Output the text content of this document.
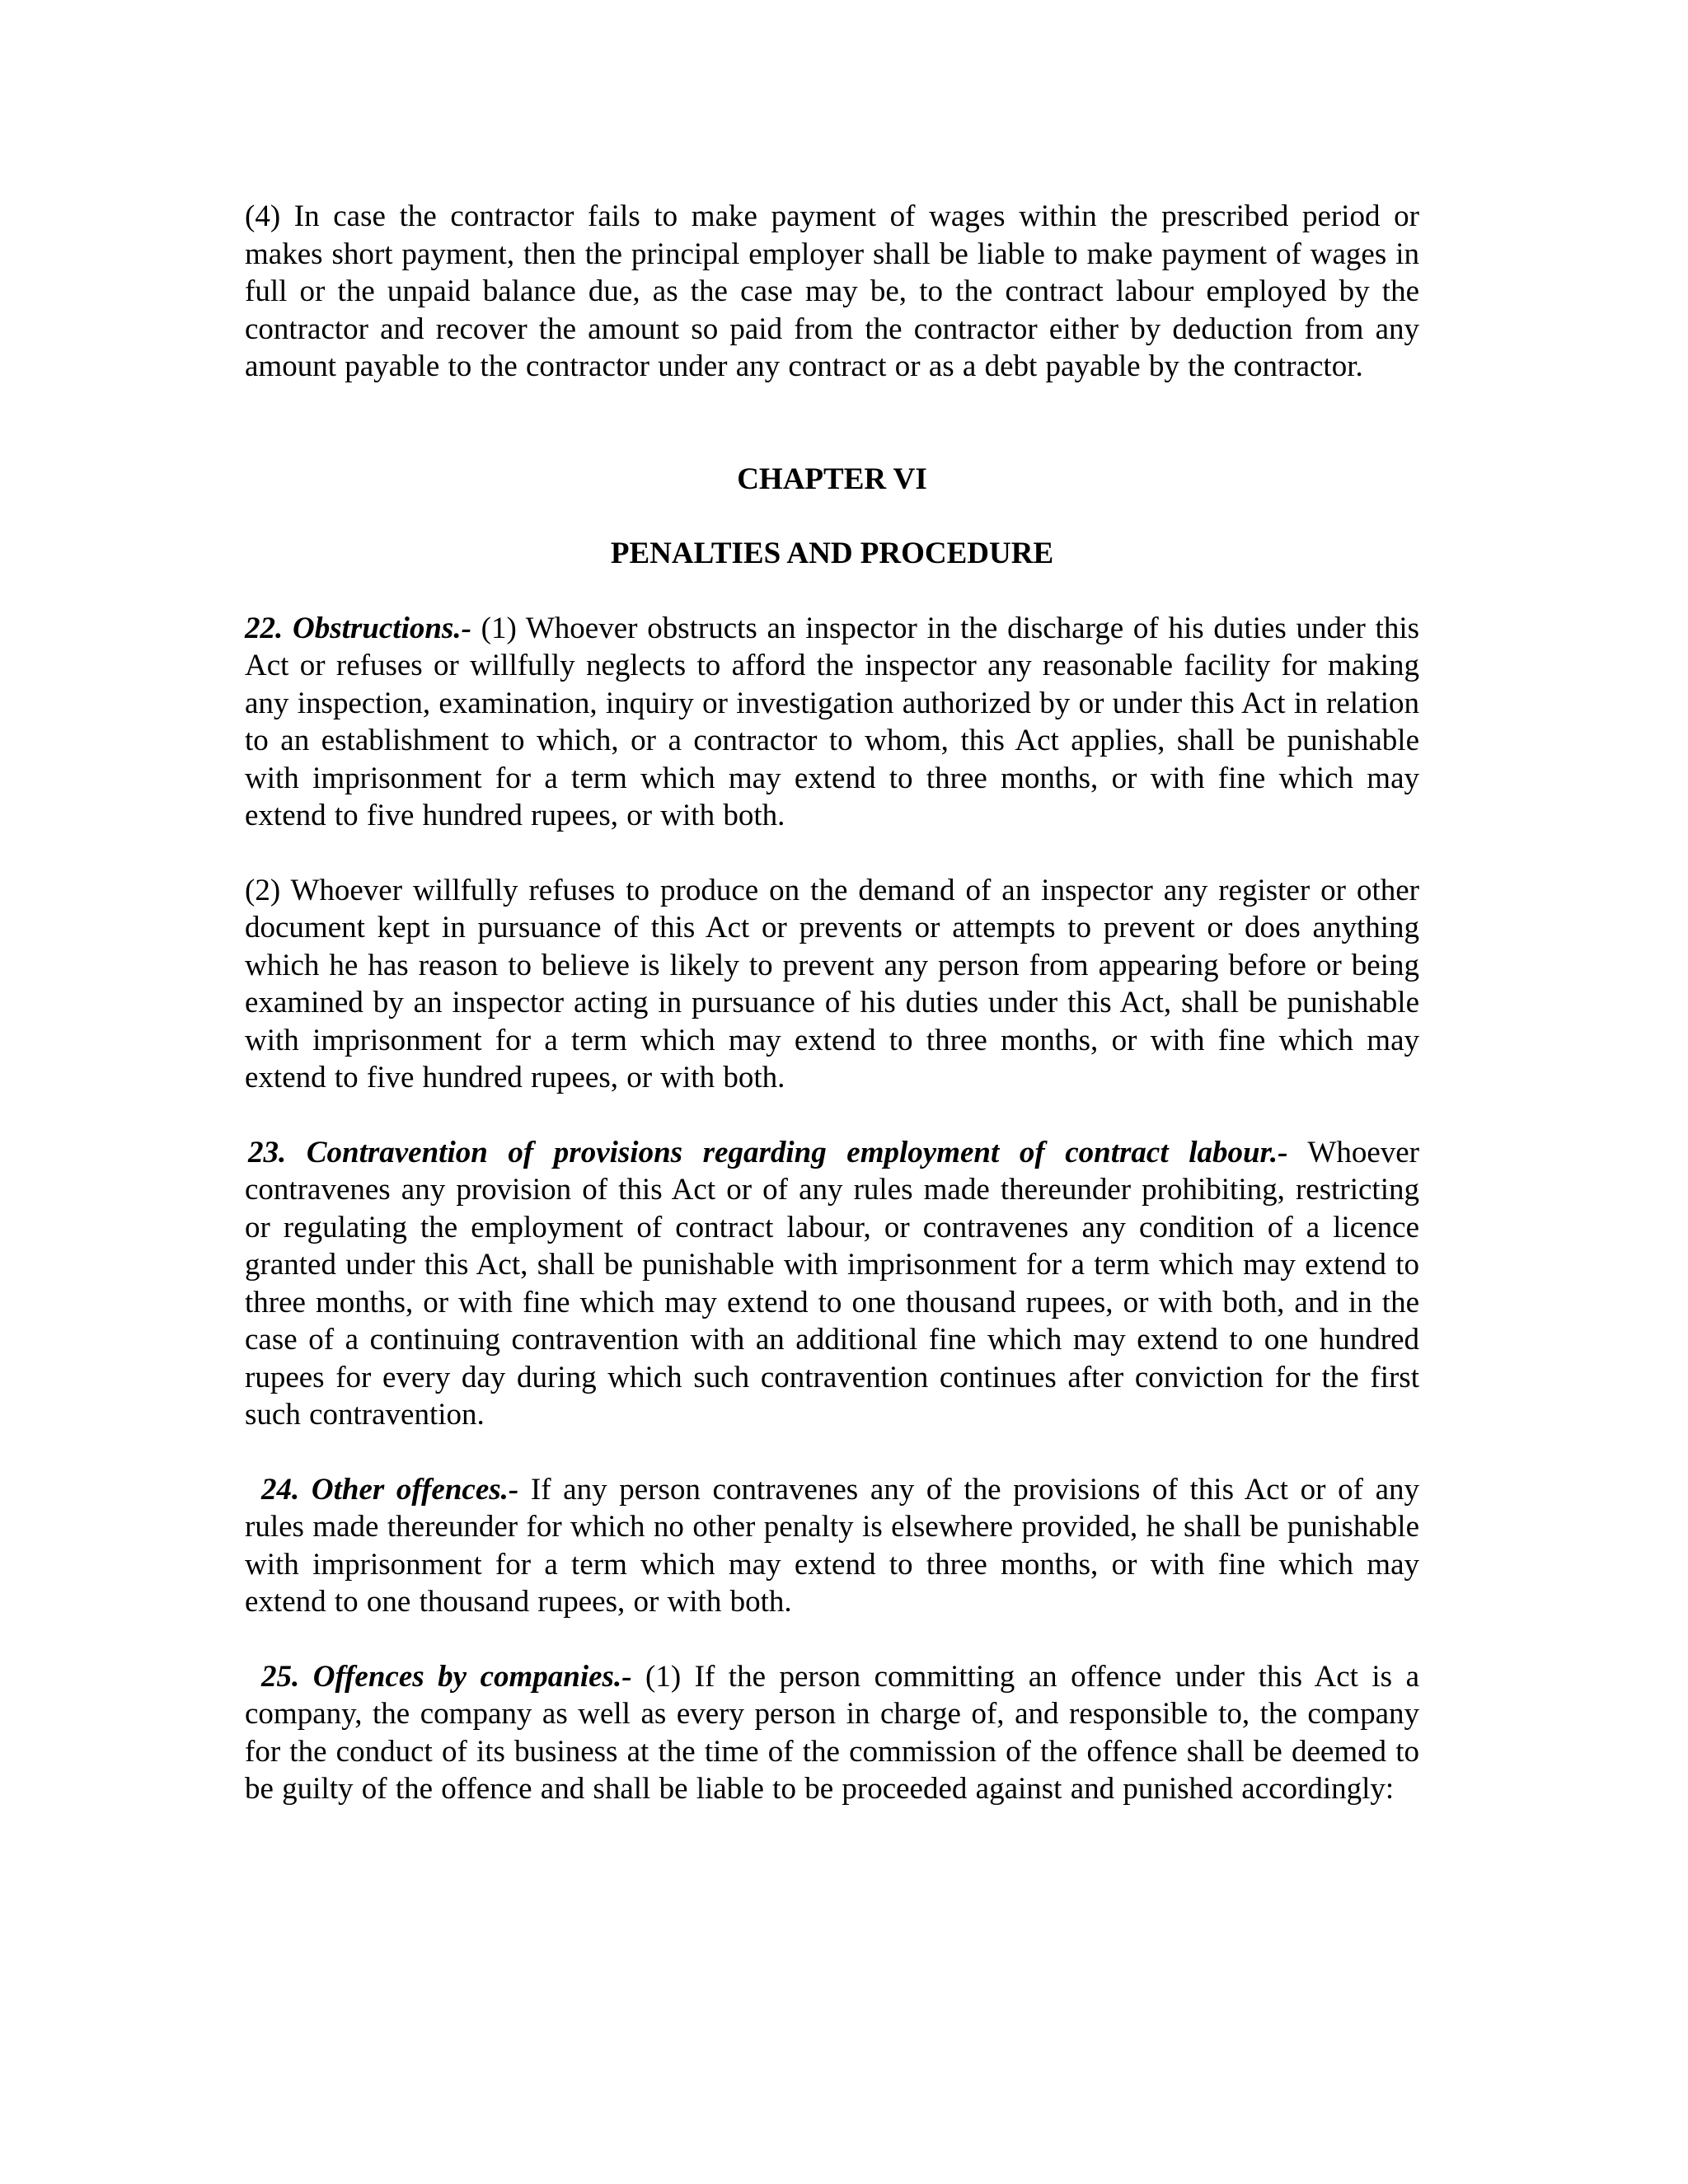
(4) In case the contractor fails to make payment of wages within the prescribed period or makes short payment, then the principal employer shall be liable to make payment of wages in full or the unpaid balance due, as the case may be, to the contract labour employed by the contractor and recover the amount so paid from the contractor either by deduction from any amount payable to the contractor under any contract or as a debt payable by the contractor.

CHAPTER VI

PENALTIES AND PROCEDURE

22. Obstructions.- (1) Whoever obstructs an inspector in the discharge of his duties under this Act or refuses or willfully neglects to afford the inspector any reasonable facility for making any inspection, examination, inquiry or investigation authorized by or under this Act in relation to an establishment to which, or a contractor to whom, this Act applies, shall be punishable with imprisonment for a term which may extend to three months, or with fine which may extend to five hundred rupees, or with both.

(2) Whoever willfully refuses to produce on the demand of an inspector any register or other document kept in pursuance of this Act or prevents or attempts to prevent or does anything which he has reason to believe is likely to prevent any person from appearing before or being examined by an inspector acting in pursuance of his duties under this Act, shall be punishable with imprisonment for a term which may extend to three months, or with fine which may extend to five hundred rupees, or with both.

23. Contravention of provisions regarding employment of contract labour.- Whoever contravenes any provision of this Act or of any rules made thereunder prohibiting, restricting or regulating the employment of contract labour, or contravenes any condition of a licence granted under this Act, shall be punishable with imprisonment for a term which may extend to three months, or with fine which may extend to one thousand rupees, or with both, and in the case of a continuing contravention with an additional fine which may extend to one hundred rupees for every day during which such contravention continues after conviction for the first such contravention.

24. Other offences.- If any person contravenes any of the provisions of this Act or of any rules made thereunder for which no other penalty is elsewhere provided, he shall be punishable with imprisonment for a term which may extend to three months, or with fine which may extend to one thousand rupees, or with both.

25. Offences by companies.- (1) If the person committing an offence under this Act is a company, the company as well as every person in charge of, and responsible to, the company for the conduct of its business at the time of the commission of the offence shall be deemed to be guilty of the offence and shall be liable to be proceeded against and punished accordingly:
